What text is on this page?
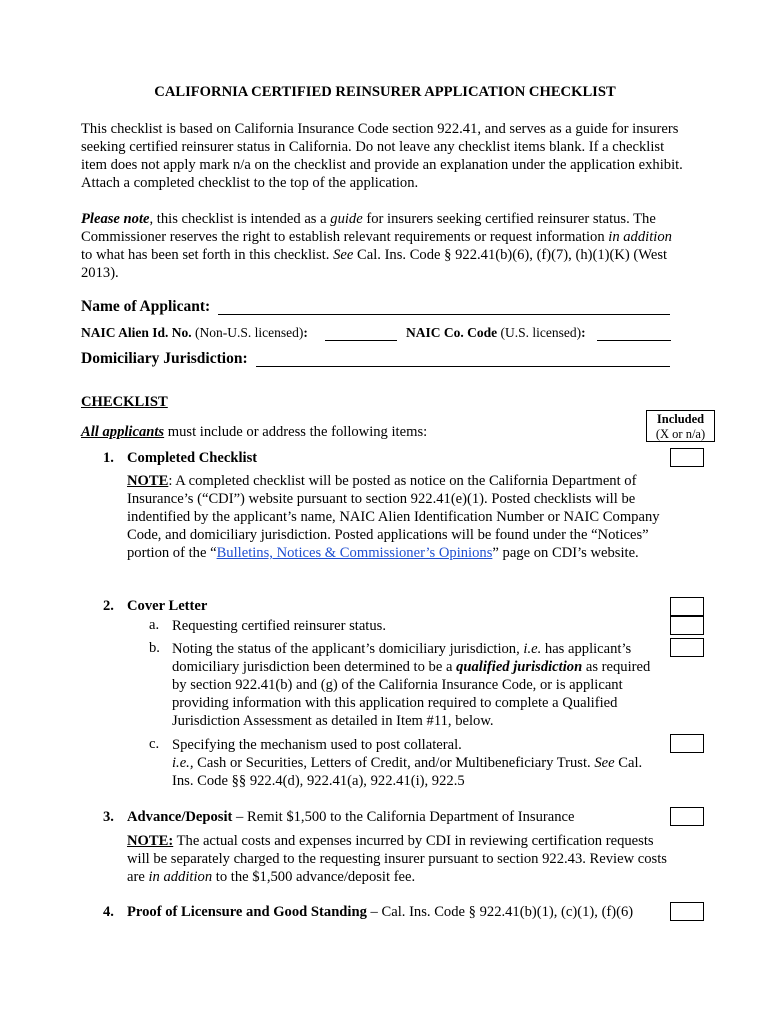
CALIFORNIA CERTIFIED REINSURER APPLICATION CHECKLIST
This checklist is based on California Insurance Code section 922.41, and serves as a guide for insurers seeking certified reinsurer status in California. Do not leave any checklist items blank. If a checklist item does not apply mark n/a on the checklist and provide an explanation under the application exhibit. Attach a completed checklist to the top of the application.
Please note, this checklist is intended as a guide for insurers seeking certified reinsurer status. The Commissioner reserves the right to establish relevant requirements or request information in addition to what has been set forth in this checklist. See Cal. Ins. Code § 922.41(b)(6), (f)(7), (h)(1)(K) (West 2013).
Name of Applicant:
NAIC Alien Id. No. (Non-U.S. licensed):	NAIC Co. Code (U.S. licensed):
Domiciliary Jurisdiction:
CHECKLIST
Included
(X or n/a)
All applicants must include or address the following items:
1. Completed Checklist
NOTE: A completed checklist will be posted as notice on the California Department of Insurance’s (“CDI”) website pursuant to section 922.41(e)(1). Posted checklists will be indentified by the applicant’s name, NAIC Alien Identification Number or NAIC Company Code, and domiciliary jurisdiction. Posted applications will be found under the “Notices” portion of the “Bulletins, Notices & Commissioner’s Opinions” page on CDI’s website.
2. Cover Letter
a. Requesting certified reinsurer status.
b. Noting the status of the applicant’s domiciliary jurisdiction, i.e. has applicant’s domiciliary jurisdiction been determined to be a qualified jurisdiction as required by section 922.41(b) and (g) of the California Insurance Code, or is applicant providing information with this application required to complete a Qualified Jurisdiction Assessment as detailed in Item #11, below.
c. Specifying the mechanism used to post collateral.
i.e., Cash or Securities, Letters of Credit, and/or Multibeneficiary Trust. See Cal. Ins. Code §§ 922.4(d), 922.41(a), 922.41(i), 922.5
3. Advance/Deposit – Remit $1,500 to the California Department of Insurance
NOTE: The actual costs and expenses incurred by CDI in reviewing certification requests will be separately charged to the requesting insurer pursuant to section 922.43. Review costs are in addition to the $1,500 advance/deposit fee.
4. Proof of Licensure and Good Standing – Cal. Ins. Code § 922.41(b)(1), (c)(1), (f)(6)
